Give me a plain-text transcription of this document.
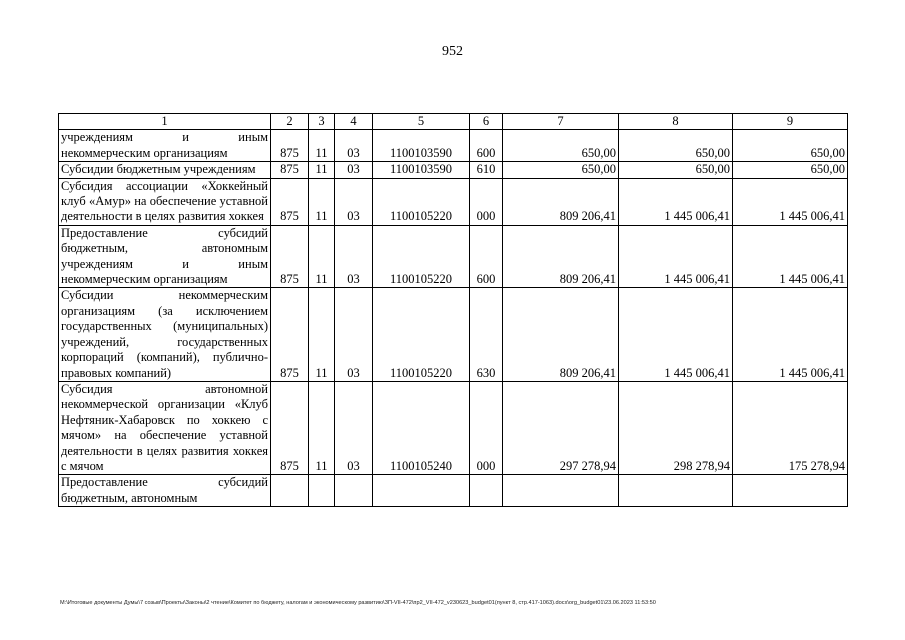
952
1	2	3	4	5	6	7	8	9
учреждениям и иным некоммерческим организациям	875	11	03	1100103590	600	650,00	650,00	650,00
Субсидии бюджетным учреждениям	875	11	03	1100103590	610	650,00	650,00	650,00
Субсидия ассоциации «Хоккейный клуб «Амур» на обеспечение уставной деятельности в целях развития хоккея	875	11	03	1100105220	000	809 206,41	1 445 006,41	1 445 006,41
Предоставление субсидий бюджетным, автономным учреждениям и иным некоммерческим организациям	875	11	03	1100105220	600	809 206,41	1 445 006,41	1 445 006,41
Субсидии некоммерческим организациям (за исключением государственных (муниципальных) учреждений, государственных корпораций (компаний), публично-правовых компаний)	875	11	03	1100105220	630	809 206,41	1 445 006,41	1 445 006,41
Субсидия автономной некоммерческой организации «Клуб Нефтяник-Хабаровск по хоккею с мячом» на обеспечение уставной деятельности в целях развития хоккея с мячом	875	11	03	1100105240	000	297 278,94	298 278,94	175 278,94
Предоставление субсидий бюджетным, автономным								
М:\Итоговые документы Думы\7 созыв\Проекты\Законы\2 чтение\Комитет по бюджету, налогам и экономическому развитию\ЗП-VII-472\пр2_VII-472_v230623_budget01(пункт 8, стр.417-1063).docx\org_budget01\23.06.2023 11:53:50
